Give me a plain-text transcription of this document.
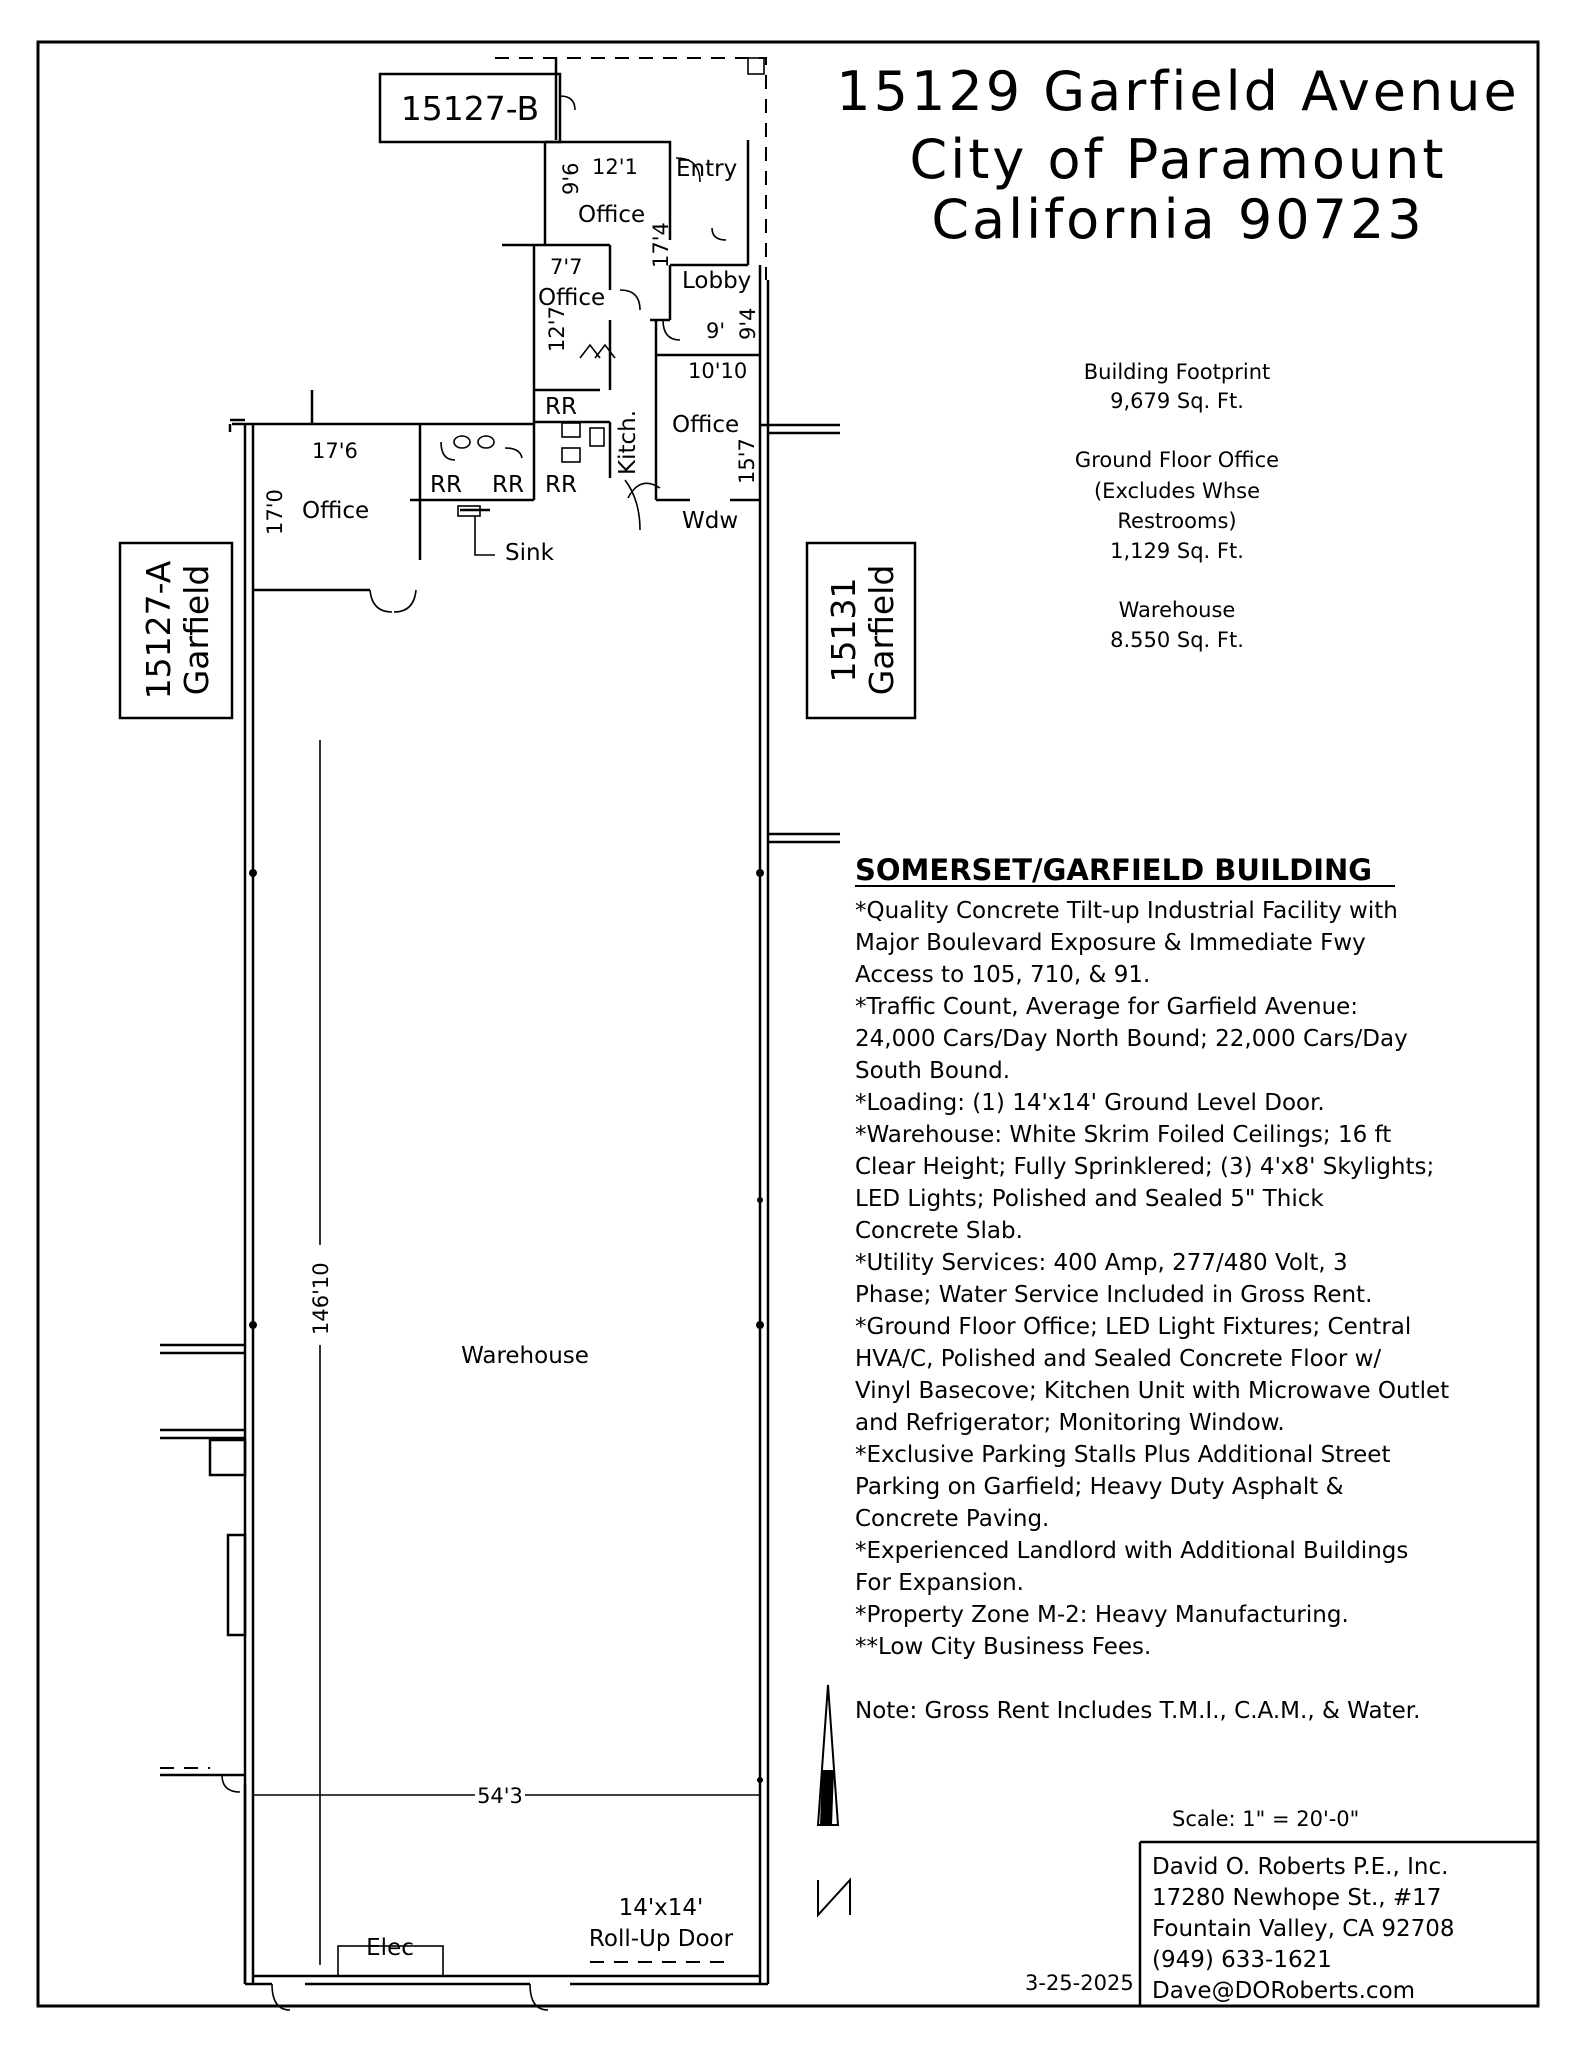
15129 Garfield Avenue
City of Paramount
California 90723
Building Footprint
9,679 Sq. Ft.
Ground Floor Office
(Excludes Whse
Restrooms)
1,129 Sq. Ft.
Warehouse
8.550 Sq. Ft.
15127-B
15127-A Garfield	15131 Garfield
Entry
Office
Lobby
Office
Office
Office
RR
RR
RR RR
Kitch.
Sink
Wdw
Warehouse
Elec
14'x14'
Roll-Up Door
9'6 12'1
17'4
7'7
12'7	9' 9'4
10'10
17'6
17'0
15'7
146'10
54'3
SOMERSET/GARFIELD BUILDING
*Quality Concrete Tilt-up Industrial Facility with
Major Boulevard Exposure & Immediate Fwy
Access to 105, 710, & 91.
*Traffic Count, Average for Garfield Avenue:
24,000 Cars/Day North Bound; 22,000 Cars/Day
South Bound.
*Loading: (1) 14'x14' Ground Level Door.
*Warehouse: White Skrim Foiled Ceilings; 16 ft
Clear Height; Fully Sprinklered; (3) 4'x8' Skylights;
LED Lights; Polished and Sealed 5" Thick
Concrete Slab.
*Utility Services: 400 Amp, 277/480 Volt, 3
Phase; Water Service Included in Gross Rent.
*Ground Floor Office; LED Light Fixtures; Central
HVA/C, Polished and Sealed Concrete Floor w/
Vinyl Basecove; Kitchen Unit with Microwave Outlet
and Refrigerator; Monitoring Window.
*Exclusive Parking Stalls Plus Additional Street
Parking on Garfield; Heavy Duty Asphalt &
Concrete Paving.
*Experienced Landlord with Additional Buildings
For Expansion.
*Property Zone M-2: Heavy Manufacturing.
**Low City Business Fees.
Note: Gross Rent Includes T.M.I., C.A.M., & Water.
Scale: 1" = 20'-0"
3-25-2025
David O. Roberts P.E., Inc.
17280 Newhope St., #17
Fountain Valley, CA 92708
(949) 633-1621
Dave@DORoberts.com
